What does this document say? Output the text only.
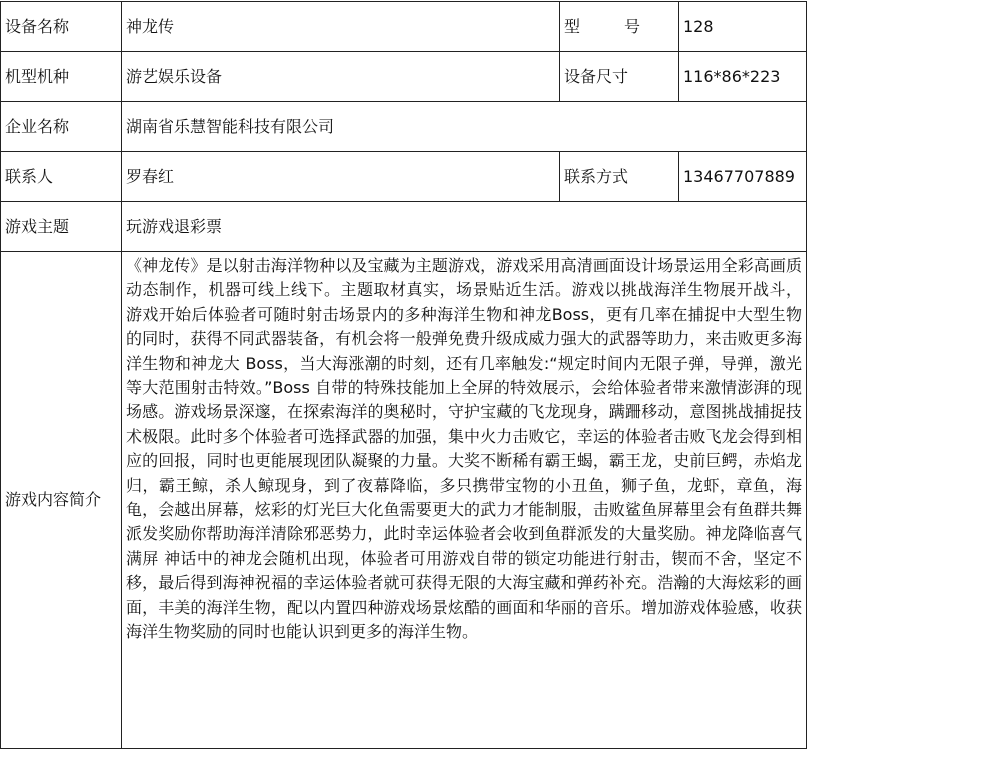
设备名称	神龙传	型 号	128
机型机种	游艺娱乐设备	设备尺寸	116*86*223
企业名称	湖南省乐慧智能科技有限公司		
联系人	罗春红	联系方式	13467707889
游戏主题	玩游戏退彩票		
游戏内容简介	《神龙传》是以射击海洋物种以及宝藏为主题游戏，游戏采用高清画面设计场景运用全彩高画质动态制作，机器可线上线下。主题取材真实，场景贴近生活。游戏以挑战海洋生物展开战斗， 游戏开始后体验者可随时射击场景内的多种海洋生物和神龙Boss，更有几率在捕捉中大型生物的同时，获得不同武器装备，有机会将一般弹免费升级成威力强大的武器等助力，来击败更多海洋生物和神龙大 Boss，当大海涨潮的时刻，还有几率触发:“规定时间内无限子弹，导弹，激光等大范围射击特效。”Boss 自带的特殊技能加上全屏的特效展示，会给体验者带来激情澎湃的现场感。游戏场景深邃，在探索海洋的奥秘时，守护宝藏的飞龙现身，蹒跚移动，意图挑战捕捉技术极限。此时多个体验者可选择武器的加强，集中火力击败它，幸运的体验者击败飞龙会得到相应的回报，同时也更能展现团队凝聚的力量。大奖不断稀有霸王蝎，霸王龙，史前巨鳄，赤焰龙归，霸王鲸，杀人鲸现身，到了夜幕降临，多只携带宝物的小丑鱼，狮子鱼，龙虾，章鱼，海龟，会越出屏幕，炫彩的灯光巨大化鱼需要更大的武力才能制服，击败鲨鱼屏幕里会有鱼群共舞派发奖励你帮助海洋清除邪恶势力，此时幸运体验者会收到鱼群派发的大量奖励。神龙降临喜气满屏 神话中的神龙会随机出现，体验者可用游戏自带的锁定功能进行射击，锲而不舍，坚定不移，最后得到海神祝福的幸运体验者就可获得无限的大海宝藏和弹药补充。浩瀚的大海炫彩的画面，丰美的海洋生物，配以内置四种游戏场景炫酷的画面和华丽的音乐。增加游戏体验感，收获海洋生物奖励的同时也能认识到更多的海洋生物。		
